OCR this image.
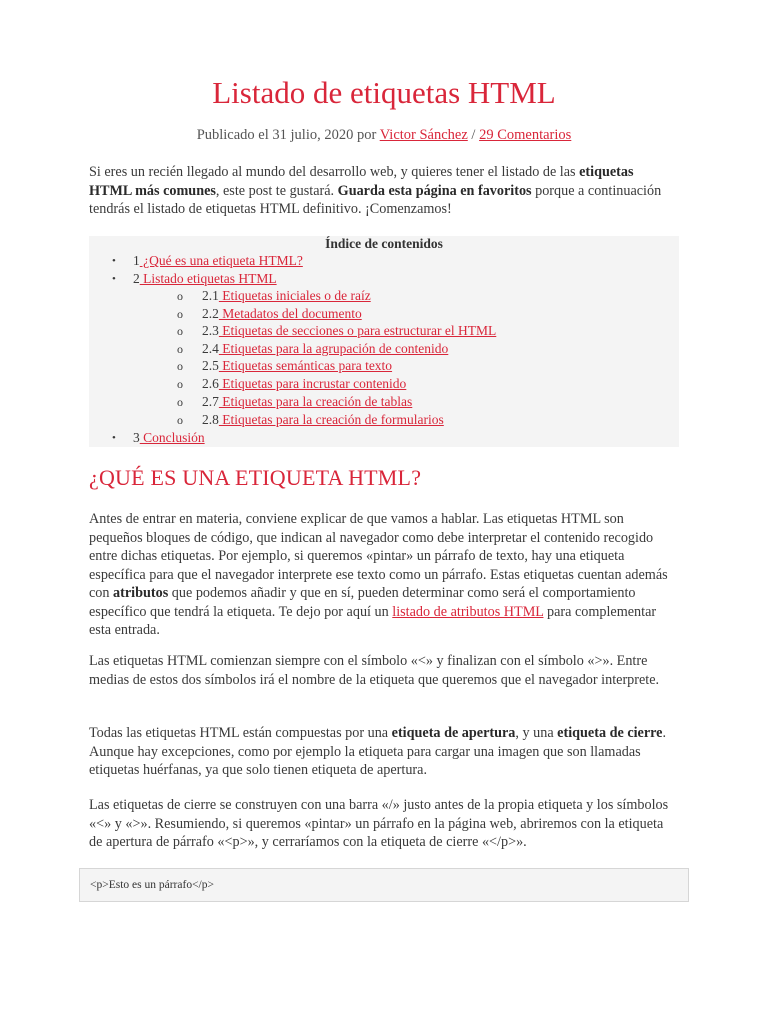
Listado de etiquetas HTML
Publicado el 31 julio, 2020 por Victor Sánchez / 29 Comentarios

Si eres un recién llegado al mundo del desarrollo web, y quieres tener el listado de las etiquetas HTML más comunes, este post te gustará. Guarda esta página en favoritos porque a continuación tendrás el listado de etiquetas HTML definitivo. ¡Comenzamos!

Índice de contenidos
• 1 ¿Qué es una etiqueta HTML?
• 2 Listado etiquetas HTML
o 2.1 Etiquetas iniciales o de raíz
o 2.2 Metadatos del documento
o 2.3 Etiquetas de secciones o para estructurar el HTML
o 2.4 Etiquetas para la agrupación de contenido
o 2.5 Etiquetas semánticas para texto
o 2.6 Etiquetas para incrustar contenido
o 2.7 Etiquetas para la creación de tablas
o 2.8 Etiquetas para la creación de formularios
• 3 Conclusión
¿QUÉ ES UNA ETIQUETA HTML?

Antes de entrar en materia, conviene explicar de que vamos a hablar. Las etiquetas HTML son pequeños bloques de código, que indican al navegador como debe interpretar el contenido recogido entre dichas etiquetas. Por ejemplo, si queremos «pintar» un párrafo de texto, hay una etiqueta específica para que el navegador interprete ese texto como un párrafo. Estas etiquetas cuentan además con atributos que podemos añadir y que en sí, pueden determinar como será el comportamiento específico que tendrá la etiqueta. Te dejo por aquí un listado de atributos HTML para complementar esta entrada.

Las etiquetas HTML comienzan siempre con el símbolo «<» y finalizan con el símbolo «>». Entre medias de estos dos símbolos irá el nombre de la etiqueta que queremos que el navegador interprete.

Todas las etiquetas HTML están compuestas por una etiqueta de apertura, y una etiqueta de cierre. Aunque hay excepciones, como por ejemplo la etiqueta para cargar una imagen que son llamadas etiquetas huérfanas, ya que solo tienen etiqueta de apertura.

Las etiquetas de cierre se construyen con una barra «/» justo antes de la propia etiqueta y los símbolos «<» y «>». Resumiendo, si queremos «pintar» un párrafo en la página web, abriremos con la etiqueta de apertura de párrafo «<p>», y cerraríamos con la etiqueta de cierre «</p>».

<p>Esto es un párrafo</p>
